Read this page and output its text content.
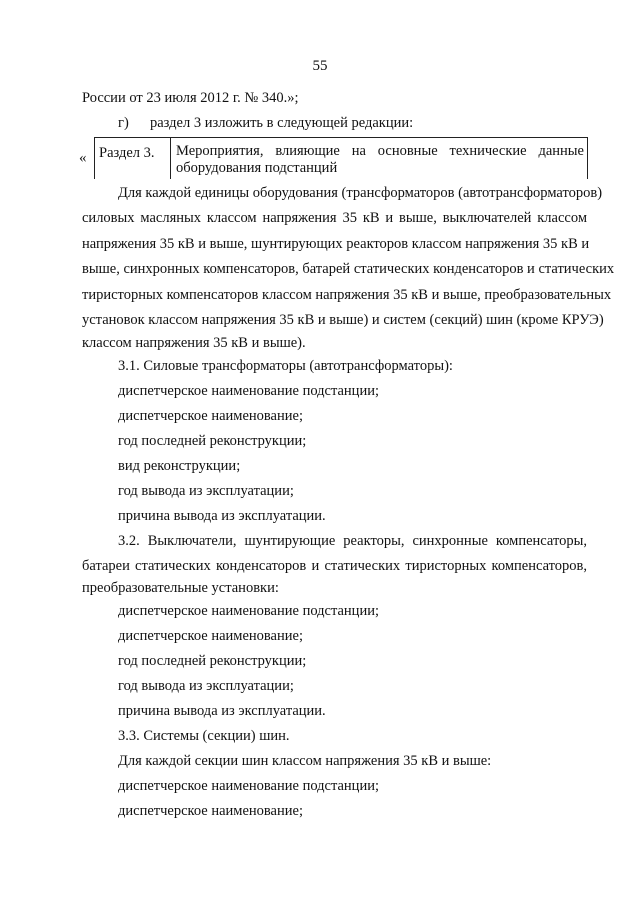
55
России от 23 июля 2012 г. № 340.»;
г) раздел 3 изложить в следующей редакции:
« Раздел 3. Мероприятия, влияющие на основные технические данные
оборудования подстанций
Для каждой единицы оборудования (трансформаторов (автотрансформаторов)
силовых масляных классом напряжения 35 кВ и выше, выключателей классом
напряжения 35 кВ и выше, шунтирующих реакторов классом напряжения 35 кВ и
выше, синхронных компенсаторов, батарей статических конденсаторов и статических
тиристорных компенсаторов классом напряжения 35 кВ и выше, преобразовательных
установок классом напряжения 35 кВ и выше) и систем (секций) шин (кроме КРУЭ)
классом напряжения 35 кВ и выше).
3.1. Силовые трансформаторы (автотрансформаторы):
диспетчерское наименование подстанции;
диспетчерское наименование;
год последней реконструкции;
вид реконструкции;
год вывода из эксплуатации;
причина вывода из эксплуатации.
3.2. Выключатели, шунтирующие реакторы, синхронные компенсаторы,
батареи статических конденсаторов и статических тиристорных компенсаторов,
преобразовательные установки:
диспетчерское наименование подстанции;
диспетчерское наименование;
год последней реконструкции;
год вывода из эксплуатации;
причина вывода из эксплуатации.
3.3. Системы (секции) шин.
Для каждой секции шин классом напряжения 35 кВ и выше:
диспетчерское наименование подстанции;
диспетчерское наименование;
